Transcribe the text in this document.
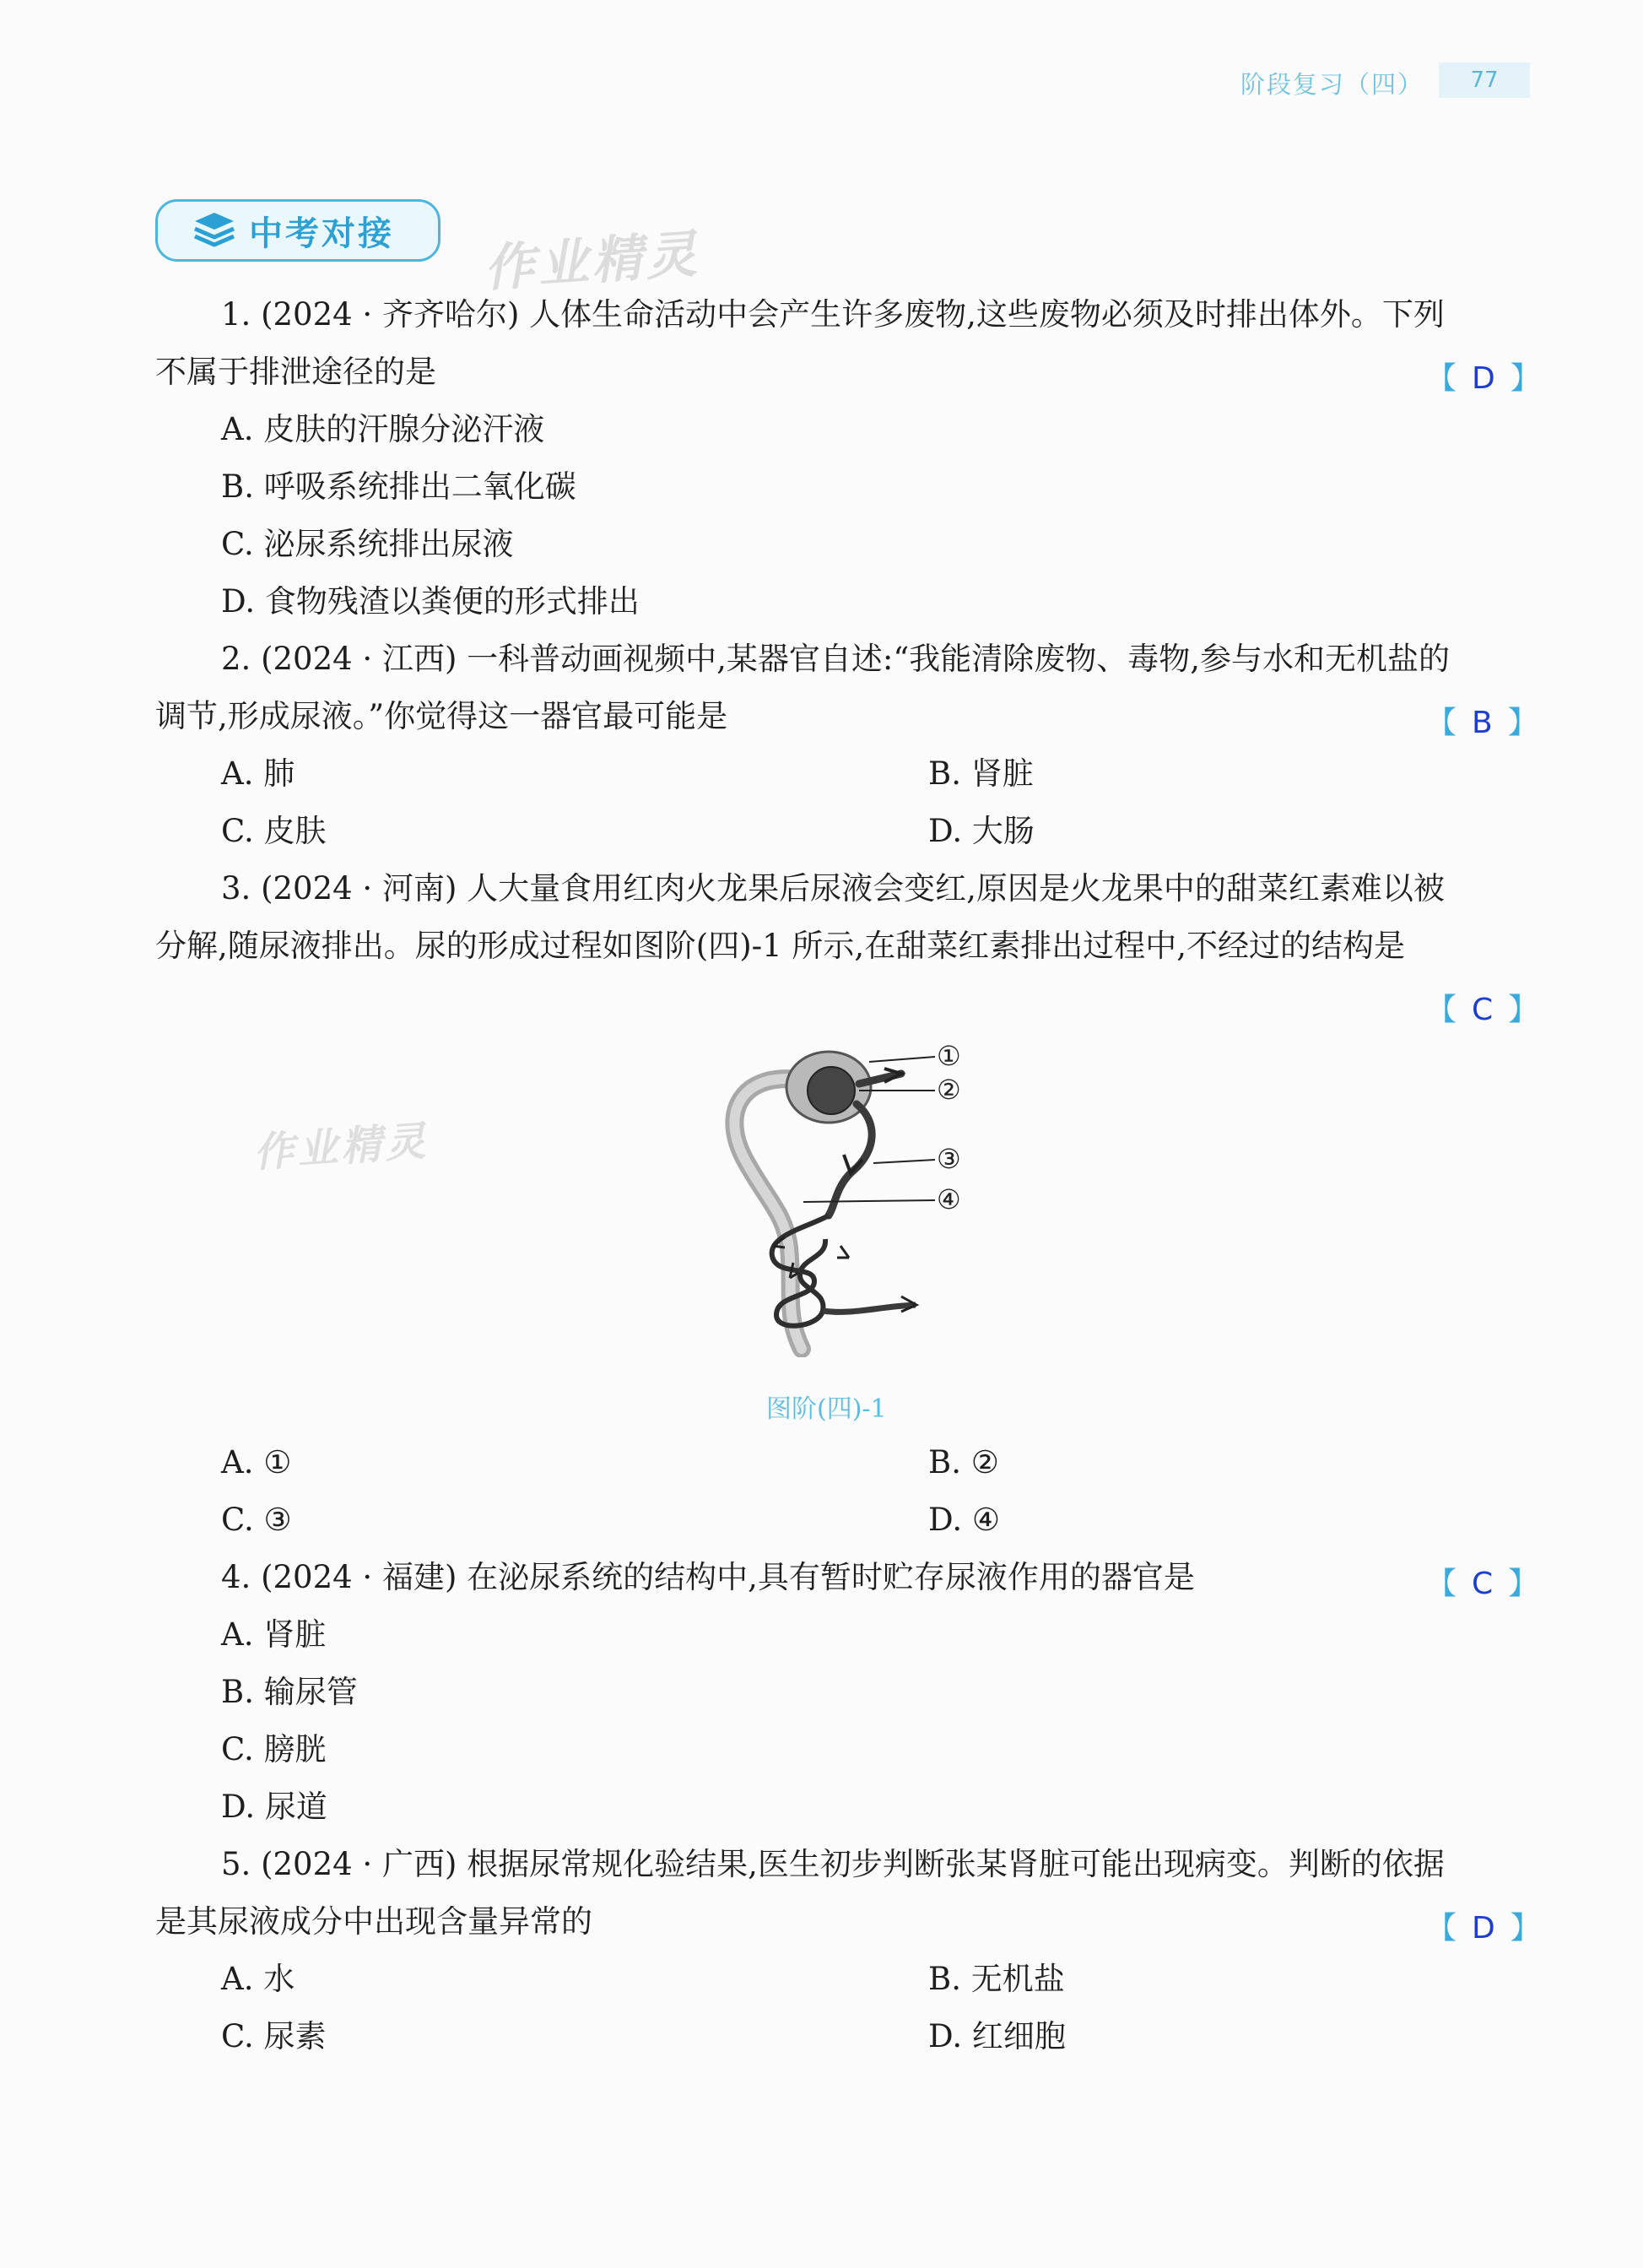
阶段复习（四）	77
中考对接 作业精灵
作业精灵
1. (2024 · 齐齐哈尔) 人体生命活动中会产生许多废物,这些废物必须及时排出体外。下列
不属于排泄途径的是	【 D 】
A. 皮肤的汗腺分泌汗液
B. 呼吸系统排出二氧化碳
C. 泌尿系统排出尿液
D. 食物残渣以粪便的形式排出
2. (2024 · 江西) 一科普动画视频中,某器官自述:“我能清除废物、毒物,参与水和无机盐的
调节,形成尿液。”你觉得这一器官最可能是	【 B 】
A. 肺	B. 肾脏
C. 皮肤	D. 大肠
3. (2024 · 河南) 人大量食用红肉火龙果后尿液会变红,原因是火龙果中的甜菜红素难以被
分解,随尿液排出。尿的形成过程如图阶(四)-1 所示,在甜菜红素排出过程中,不经过的结构是
【 C 】
①
②
③
④
图阶(四)-1
A. ①	B. ②
C. ③	D. ④
4. (2024 · 福建) 在泌尿系统的结构中,具有暂时贮存尿液作用的器官是	【 C 】
A. 肾脏
B. 输尿管
C. 膀胱
D. 尿道
5. (2024 · 广西) 根据尿常规化验结果,医生初步判断张某肾脏可能出现病变。判断的依据
是其尿液成分中出现含量异常的	【 D 】
A. 水	B. 无机盐
C. 尿素	D. 红细胞
